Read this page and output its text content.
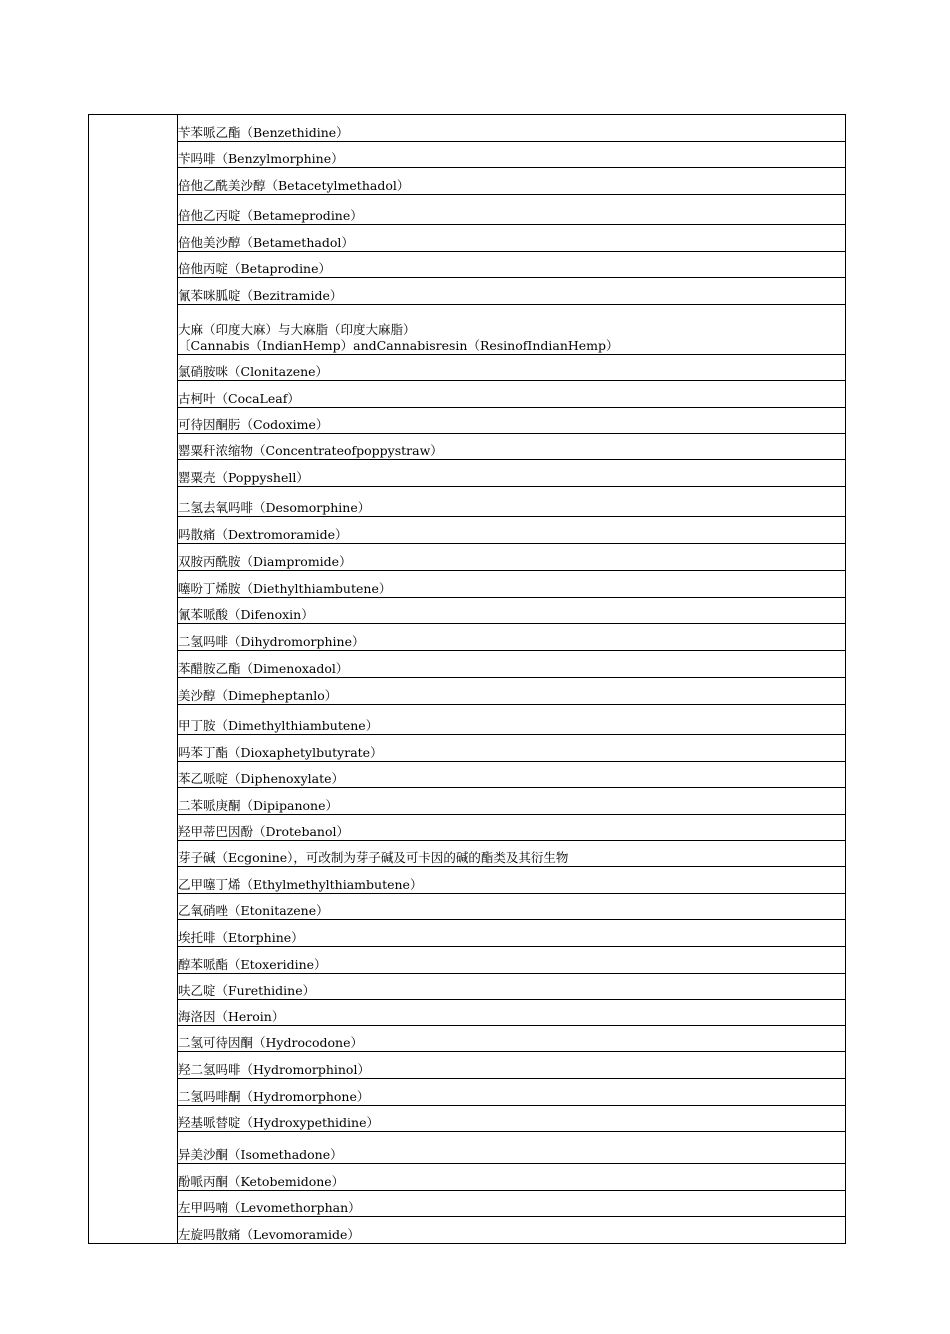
	苄苯哌乙酯（Benzethidine）
苄吗啡（Benzylmorphine）
倍他乙酰美沙醇（Betacetylmethadol）
倍他乙丙啶（Betameprodine）
倍他美沙醇（Betamethadol）
倍他丙啶（Betaprodine）
氰苯咪胍啶（Bezitramide）

大麻（印度大麻）与大麻脂（印度大麻脂）
〔Cannabis（IndianHemp）andCannabisresin（ResinofIndianHemp）

氯硝胺咪（Clonitazene）
古柯叶（CocaLeaf）
可待因酮肟（Codoxime）
罂粟秆浓缩物（Concentrateofpoppystraw）
罂粟壳（Poppyshell）
二氢去氧吗啡（Desomorphine）
吗散痛（Dextromoramide）
双胺丙酰胺（Diampromide）
噻吩丁烯胺（Diethylthiambutene）
氰苯哌酸（Difenoxin）
二氢吗啡（Dihydromorphine）
苯醋胺乙酯（Dimenoxadol）
美沙醇（Dimepheptanlo）
甲丁胺（Dimethylthiambutene）
吗苯丁酯（Dioxaphetylbutyrate）
苯乙哌啶（Diphenoxylate）
二苯哌庚酮（Dipipanone）
羟甲蒂巴因酚（Drotebanol）
芽子碱（Ecgonine），可改制为芽子碱及可卡因的碱的酯类及其衍生物
乙甲噻丁烯（Ethylmethylthiambutene）
乙氧硝唑（Etonitazene）
埃托啡（Etorphine）
醇苯哌酯（Etoxeridine）
呋乙啶（Furethidine）
海洛因（Heroin）
二氢可待因酮（Hydrocodone）
羟二氢吗啡（Hydromorphinol）
二氢吗啡酮（Hydromorphone）
羟基哌替啶（Hydroxypethidine）
异美沙酮（Isomethadone）
酚哌丙酮（Ketobemidone）
左甲吗喃（Levomethorphan）
左旋吗散痛（Levomoramide）
